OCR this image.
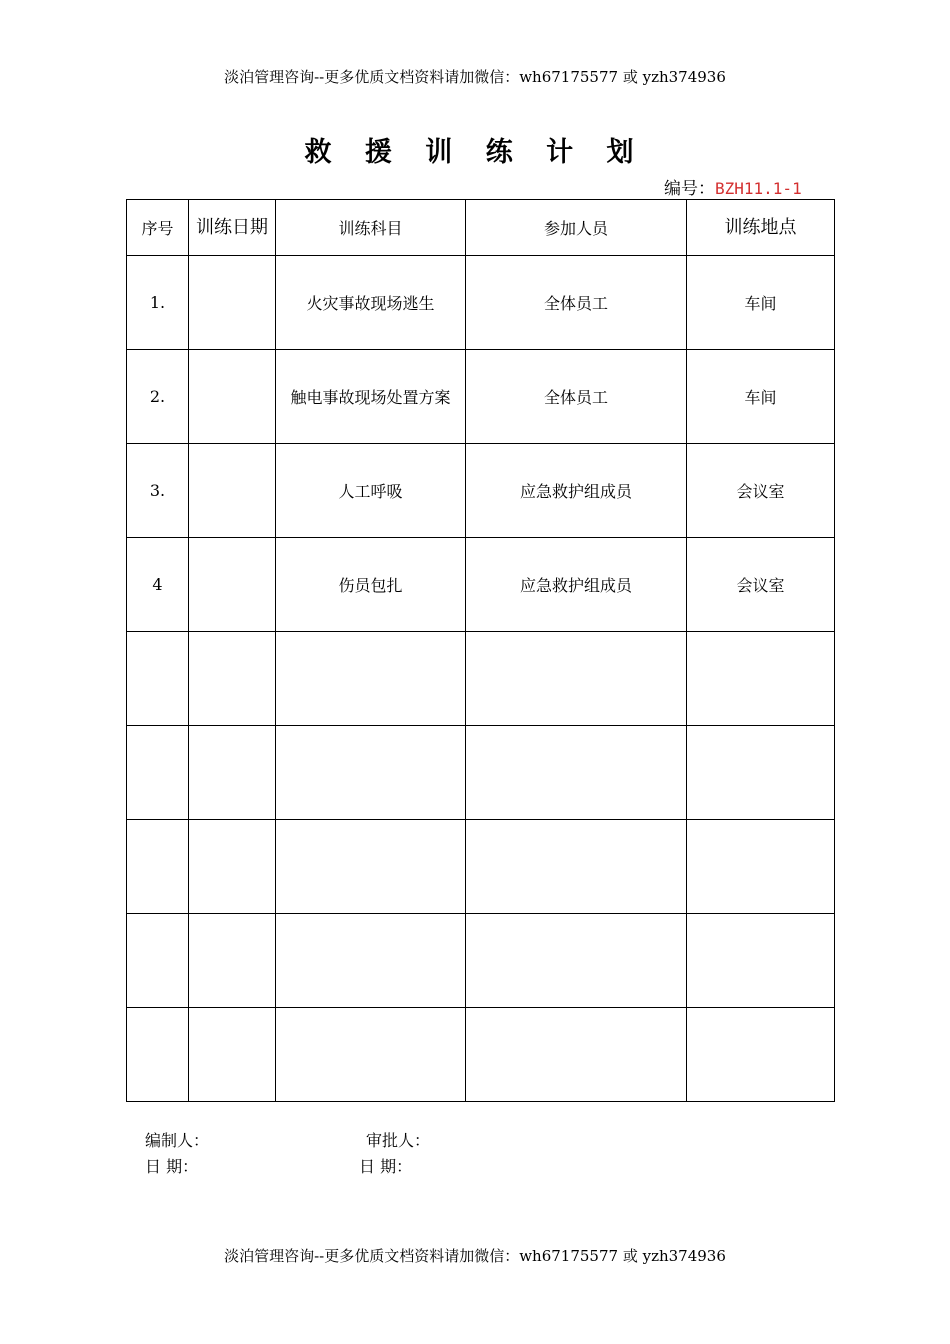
淡泊管理咨询--更多优质文档资料请加微信：wh67175577 或 yzh374936
救 援 训 练 计 划
编号：BZH11.1-1
序号	训练日期	训练科目	参加人员	训练地点
1.		火灾事故现场逃生	全体员工	车间
2.		触电事故现场处置方案	全体员工	车间
3.		人工呼吸	应急救护组成员	会议室
4		伤员包扎	应急救护组成员	会议室

编制人：	审批人：
日 期：	日 期：
淡泊管理咨询--更多优质文档资料请加微信：wh67175577 或 yzh374936
